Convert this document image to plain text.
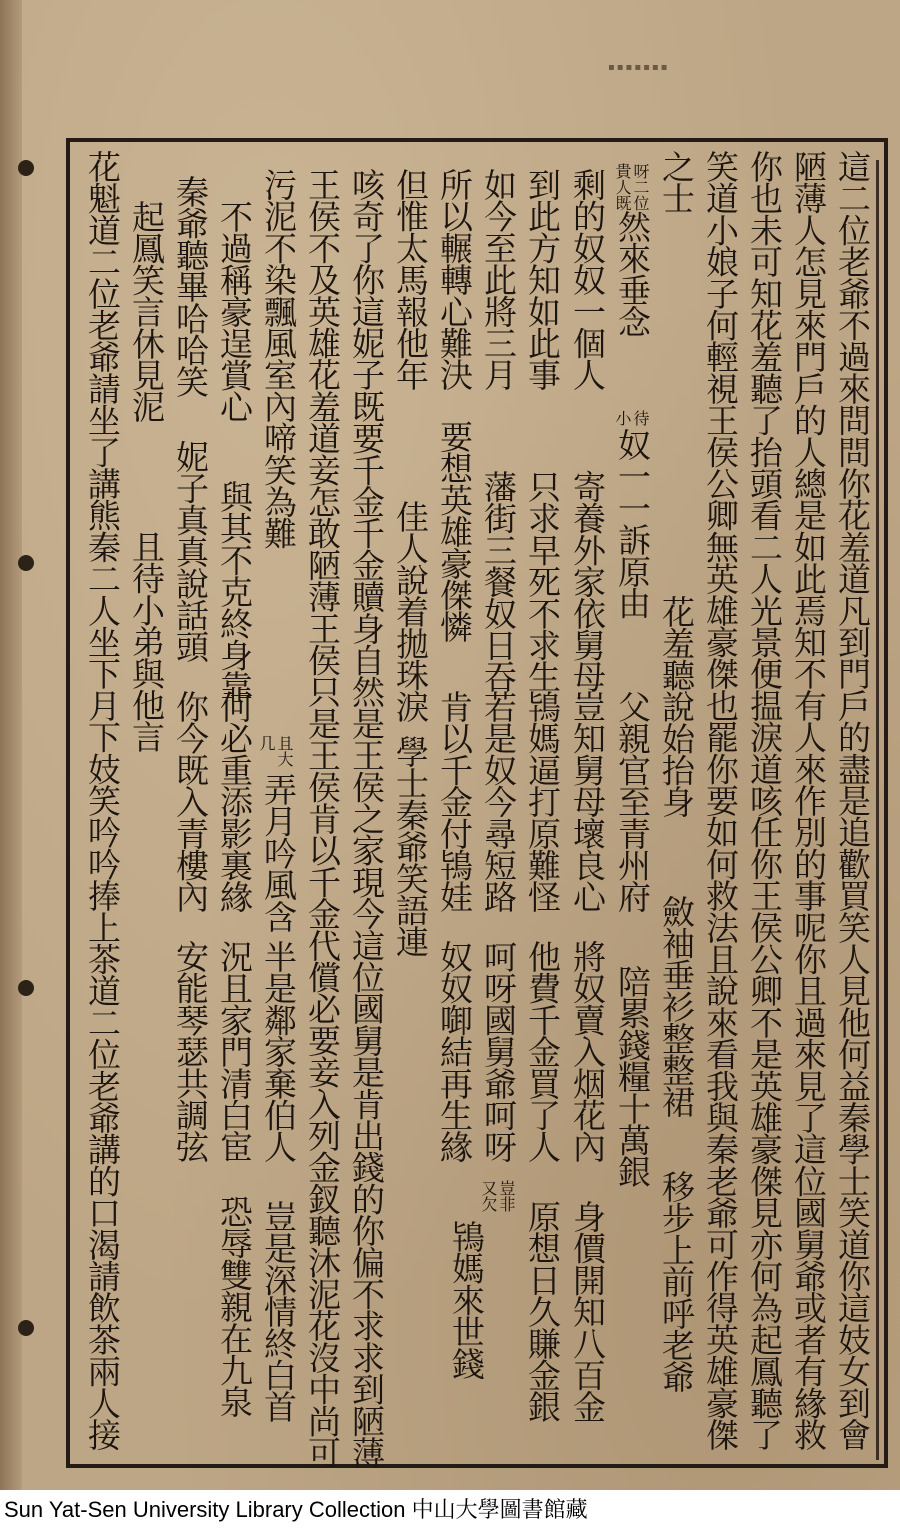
▪▪▪▪▪▪▪
這二位老爺不過來問問你花羞道凡到門戶的盡是追歡買笑人見他何益秦學士笑道你這妓女到會
陋薄人怎見來門戶的人總是如此焉知不有人來作別的事呢你且過來見了這位國舅爺或者有緣救
你也未可知花羞聽了抬頭看二人光景便揾淚道咳任你王侯公卿不是英雄豪傑見亦何為起鳳聽了
笑道小娘子何輕視王侯公卿無英雄豪傑也罷你要如何救法且說來看我與秦老爺可作得英雄豪傑
之士
花羞聽說始抬身
斂袖垂衫整整裙
移步上前呼老爺
呀二位
貴人既
然來垂念
待
小
奴一一訴原由
父親官至青州府
陪累錢糧十萬銀
剩的奴奴一個人
寄養外家依舅母
豈知舅母壞良心
將奴賣入烟花內
身價開知八百金
到此方知如此事
只求早死不求生
鴇媽逼打原難怪
他費千金買了人
原想日久賺金銀
如今至此將三月
藩街三餐奴日吞
若是奴今尋短路
呵呀國舅爺呵呀
豈非
又欠
鴇媽來世錢
所以輾轉心難決
要想英雄豪傑憐
肯以千金付鴇娃
奴奴啣結再生緣
但惟太馬報他年
佳人說着拋珠淚
學士秦爺笑語連
咳奇了你這妮子既要千金千金贖身自然是王侯之家現今這位國舅是肯出錢的你偏不求求到陋薄
王侯不及英雄花羞道妾怎敢陋薄王侯只是王侯肯以千金代償必要妾入列金釵聽沐泥花沒中尚可
污泥不染飄風室內啼笑為難
且大
几
弄月吟風含
半是鄰家棄伯人
豈是深情終白首
不過稱豪逞賞心
與其不克終身靠
何必重添影裏緣
況且家門清白宦
恐辱雙親在九泉
秦爺聽畢哈哈笑
妮子真真說話頭
你今既入青樓內
安能琴瑟共調弦
起鳳笑言休見泥
且待小弟與他言
花魁道二位老爺請坐了講熊秦二人坐下月下妓笑吟吟捧上茶道二位老爺講的口渴請飲茶兩人接
Sun Yat-Sen University Library Collection 中山大學圖書館藏
